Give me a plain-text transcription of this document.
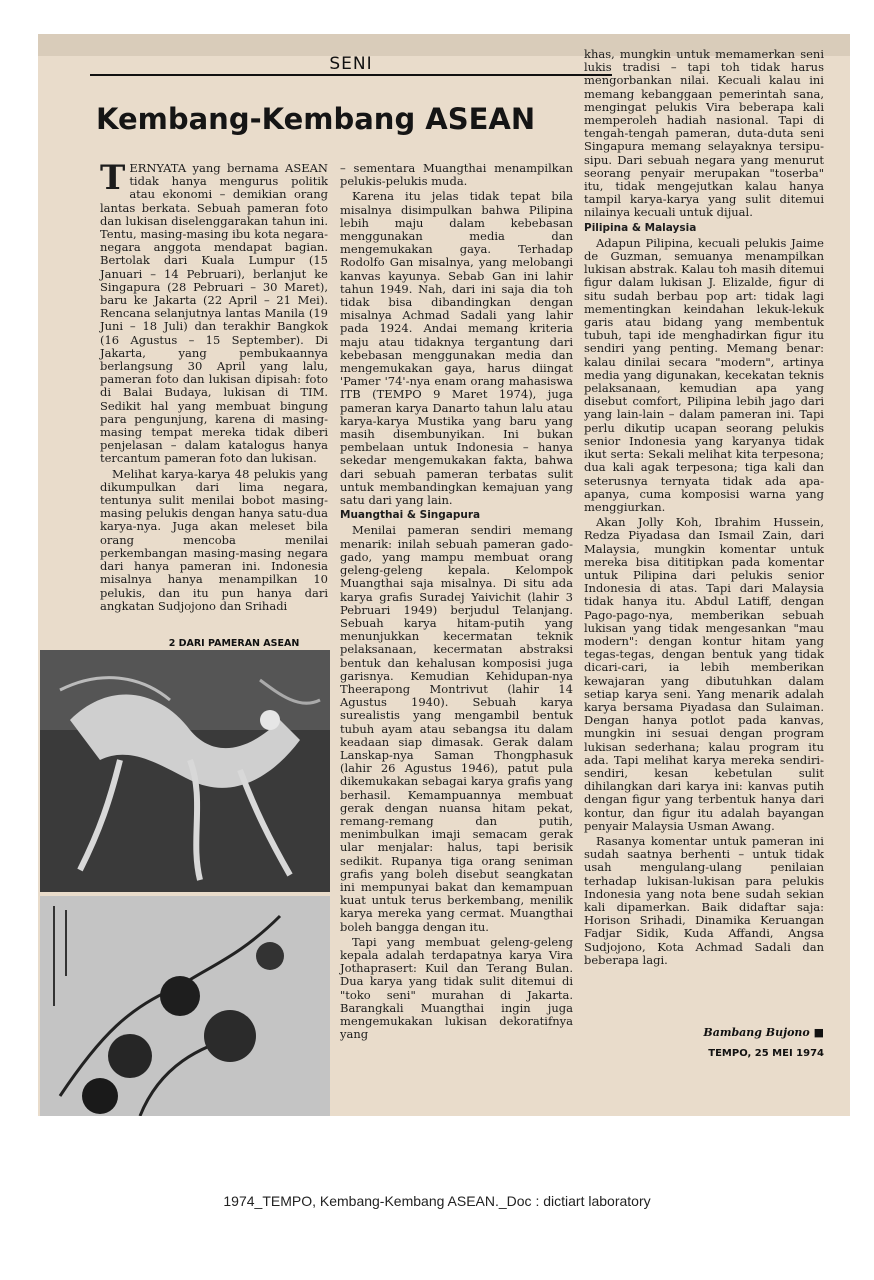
SENI
Kembang-Kembang ASEAN

TERNYATA yang bernama ASEAN tidak hanya mengurus politik atau ekonomi – demikian orang lantas berkata. Sebuah pameran foto dan lukisan diselenggarakan tahun ini. Tentu, masing-masing ibu kota negara-negara anggota mendapat bagian. Bertolak dari Kuala Lumpur (15 Januari – 14 Pebruari), berlanjut ke Singapura (28 Pebruari – 30 Maret), baru ke Jakarta (22 April – 21 Mei). Rencana selanjutnya lantas Manila (19 Juni – 18 Juli) dan terakhir Bangkok (16 Agustus – 15 September). Di Jakarta, yang pembukaannya berlangsung 30 April yang lalu, pameran foto dan lukisan dipisah: foto di Balai Budaya, lukisan di TIM. Sedikit hal yang membuat bingung para pengunjung, karena di masing-masing tempat mereka tidak diberi penjelasan – dalam katalogus hanya tercantum pameran foto dan lukisan.

Melihat karya-karya 48 pelukis yang dikumpulkan dari lima negara, tentunya sulit menilai bobot masing-masing pelukis dengan hanya satu-dua karya-nya. Juga akan meleset bila orang mencoba menilai perkembangan masing-masing negara dari hanya pameran ini. Indonesia misalnya hanya menampilkan 10 pelukis, dan itu pun hanya dari angkatan Sudjojono dan Srihadi

2 DARI PAMERAN ASEAN

– sementara Muangthai menampilkan pelukis-pelukis muda.

Karena itu jelas tidak tepat bila misalnya disimpulkan bahwa Pilipina lebih maju dalam kebebasan menggunakan media dan mengemukakan gaya. Terhadap Rodolfo Gan misalnya, yang melobangi kanvas kayunya. Sebab Gan ini lahir tahun 1949. Nah, dari ini saja dia toh tidak bisa dibandingkan dengan misalnya Achmad Sadali yang lahir pada 1924. Andai memang kriteria maju atau tidaknya tergantung dari kebebasan menggunakan media dan mengemukakan gaya, harus diingat 'Pamer '74'-nya enam orang mahasiswa ITB (TEMPO 9 Maret 1974), juga pameran karya Danarto tahun lalu atau karya-karya Mustika yang baru yang masih disembunyikan. Ini bukan pembelaan untuk Indonesia – hanya sekedar mengemukakan fakta, bahwa dari sebuah pameran terbatas sulit untuk membandingkan kemajuan yang satu dari yang lain.

Muangthai & Singapura

Menilai pameran sendiri memang menarik: inilah sebuah pameran gado-gado, yang mampu membuat orang geleng-geleng kepala. Kelompok Muangthai saja misalnya. Di situ ada karya grafis Suradej Yaivichit (lahir 3 Pebruari 1949) berjudul Telanjang. Sebuah karya hitam-putih yang menunjukkan kecermatan teknik pelaksanaan, kecermatan abstraksi bentuk dan kehalusan komposisi juga garisnya. Kemudian Kehidupan-nya Theerapong Montrivut (lahir 14 Agustus 1940). Sebuah karya surealistis yang mengambil bentuk tubuh ayam atau sebangsa itu dalam keadaan siap dimasak. Gerak dalam Lanskap-nya Saman Thongphasuk (lahir 26 Agustus 1946), patut pula dikemukakan sebagai karya grafis yang berhasil. Kemampuannya membuat gerak dengan nuansa hitam pekat, remang-remang dan putih, menimbulkan imaji semacam gerak ular menjalar: halus, tapi berisik sedikit. Rupanya tiga orang seniman grafis yang boleh disebut seangkatan ini mempunyai bakat dan kemampuan kuat untuk terus berkembang, menilik karya mereka yang cermat. Muangthai boleh bangga dengan itu.

Tapi yang membuat geleng-geleng kepala adalah terdapatnya karya Vira Jothaprasert: Kuil dan Terang Bulan. Dua karya yang tidak sulit ditemui di "toko seni" murahan di Jakarta. Barangkali Muangthai ingin juga mengemukakan lukisan dekoratifnya yang

khas, mungkin untuk memamerkan seni lukis tradisi – tapi toh tidak harus mengorbankan nilai. Kecuali kalau ini memang kebanggaan pemerintah sana, mengingat pelukis Vira beberapa kali memperoleh hadiah nasional. Tapi di tengah-tengah pameran, duta-duta seni Singapura memang selayaknya tersipu-sipu. Dari sebuah negara yang menurut seorang penyair merupakan "toserba" itu, tidak mengejutkan kalau hanya tampil karya-karya yang sulit ditemui nilainya kecuali untuk dijual.

Pilipina & Malaysia

Adapun Pilipina, kecuali pelukis Jaime de Guzman, semuanya menampilkan lukisan abstrak. Kalau toh masih ditemui figur dalam lukisan J. Elizalde, figur di situ sudah berbau pop art: tidak lagi mementingkan keindahan lekuk-lekuk garis atau bidang yang membentuk tubuh, tapi ide menghadirkan figur itu sendiri yang penting. Memang benar: kalau dinilai secara "modern", artinya media yang digunakan, kecekatan teknis pelaksanaan, kemudian apa yang disebut comfort, Pilipina lebih jago dari yang lain-lain – dalam pameran ini. Tapi perlu dikutip ucapan seorang pelukis senior Indonesia yang karyanya tidak ikut serta: Sekali melihat kita terpesona; dua kali agak terpesona; tiga kali dan seterusnya ternyata tidak ada apa-apanya, cuma komposisi warna yang menggiurkan.

Akan Jolly Koh, Ibrahim Hussein, Redza Piyadasa dan Ismail Zain, dari Malaysia, mungkin komentar untuk mereka bisa dititipkan pada komentar untuk Pilipina dari pelukis senior Indonesia di atas. Tapi dari Malaysia tidak hanya itu. Abdul Latiff, dengan Pago-pago-nya, memberikan sebuah lukisan yang tidak mengesankan "mau modern": dengan kontur hitam yang tegas-tegas, dengan bentuk yang tidak dicari-cari, ia lebih memberikan kewajaran yang dibutuhkan dalam setiap karya seni. Yang menarik adalah karya bersama Piyadasa dan Sulaiman. Dengan hanya potlot pada kanvas, mungkin ini sesuai dengan program lukisan sederhana; kalau program itu ada. Tapi melihat karya mereka sendiri-sendiri, kesan kebetulan sulit dihilangkan dari karya ini: kanvas putih dengan figur yang terbentuk hanya dari kontur, dan figur itu adalah bayangan penyair Malaysia Usman Awang.

Rasanya komentar untuk pameran ini sudah saatnya berhenti – untuk tidak usah mengulang-ulang penilaian terhadap lukisan-lukisan para pelukis Indonesia yang nota bene sudah sekian kali dipamerkan. Baik didaftar saja: Horison Srihadi, Dinamika Keruangan Fadjar Sidik, Kuda Affandi, Angsa Sudjojono, Kota Achmad Sadali dan beberapa lagi.

Bambang Bujono ■
TEMPO, 25 MEI 1974
1974_TEMPO, Kembang-Kembang ASEAN._Doc : dictiart laboratory
